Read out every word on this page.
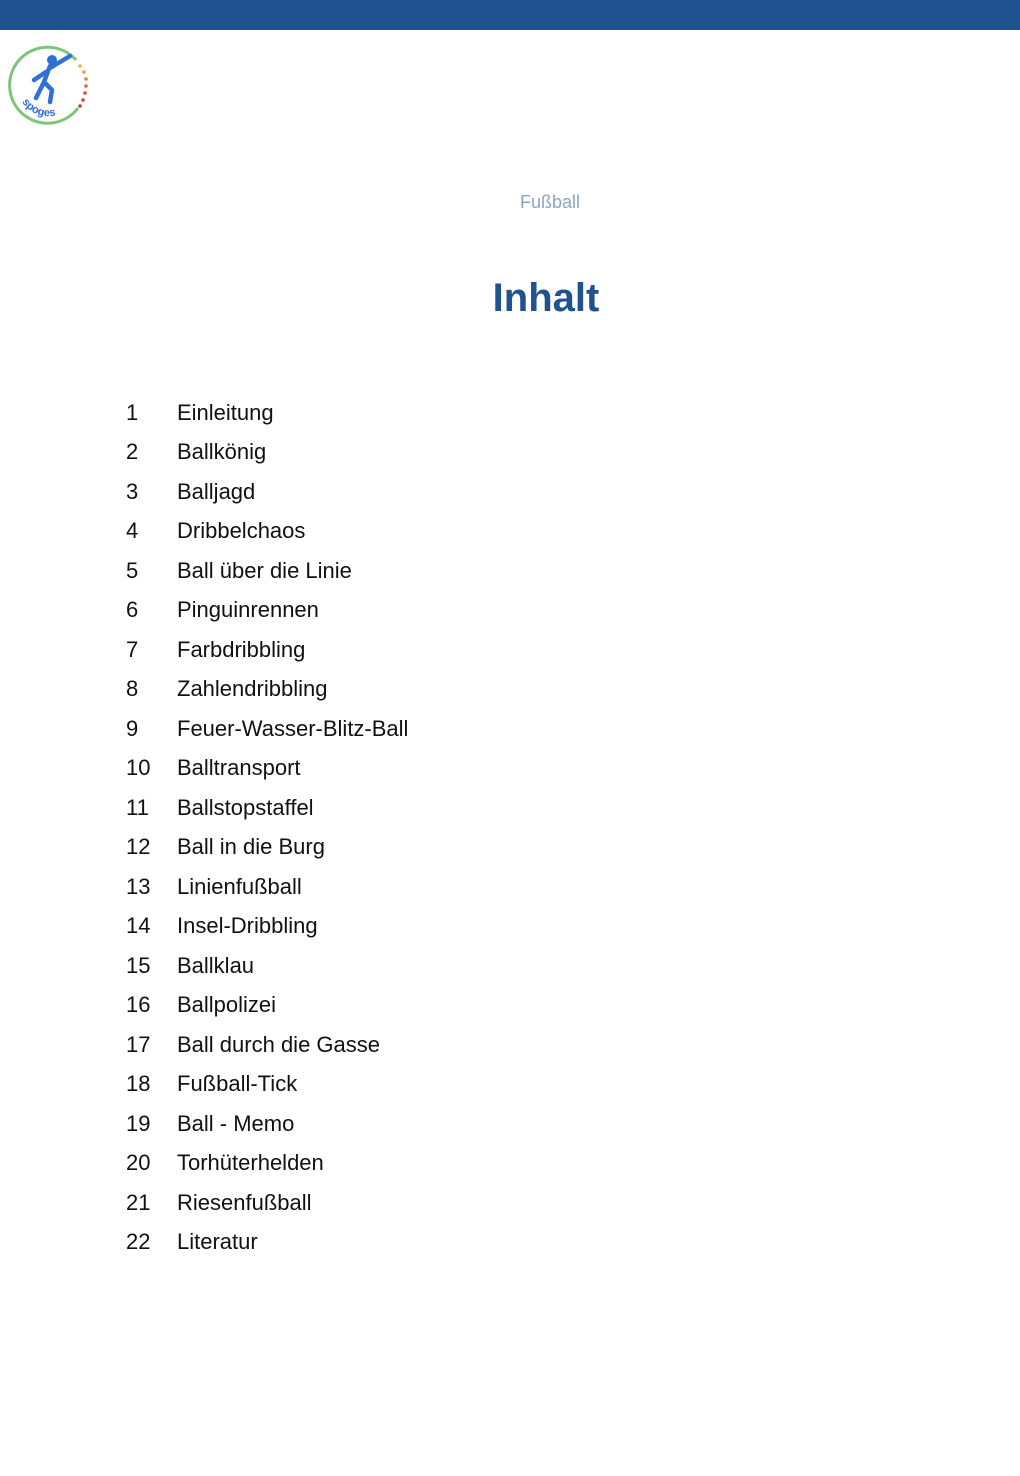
spoges
Fußball
Inhalt
1	Einleitung
2	Ballkönig
3	Balljagd
4	Dribbelchaos
5	Ball über die Linie
6	Pinguinrennen
7	Farbdribbling
8	Zahlendribbling
9	Feuer-Wasser-Blitz-Ball
10	Balltransport
11	Ballstopstaffel
12	Ball in die Burg
13	Linienfußball
14	Insel-Dribbling
15	Ballklau
16	Ballpolizei
17	Ball durch die Gasse
18	Fußball-Tick
19	Ball - Memo
20	Torhüterhelden
21	Riesenfußball
22	Literatur
